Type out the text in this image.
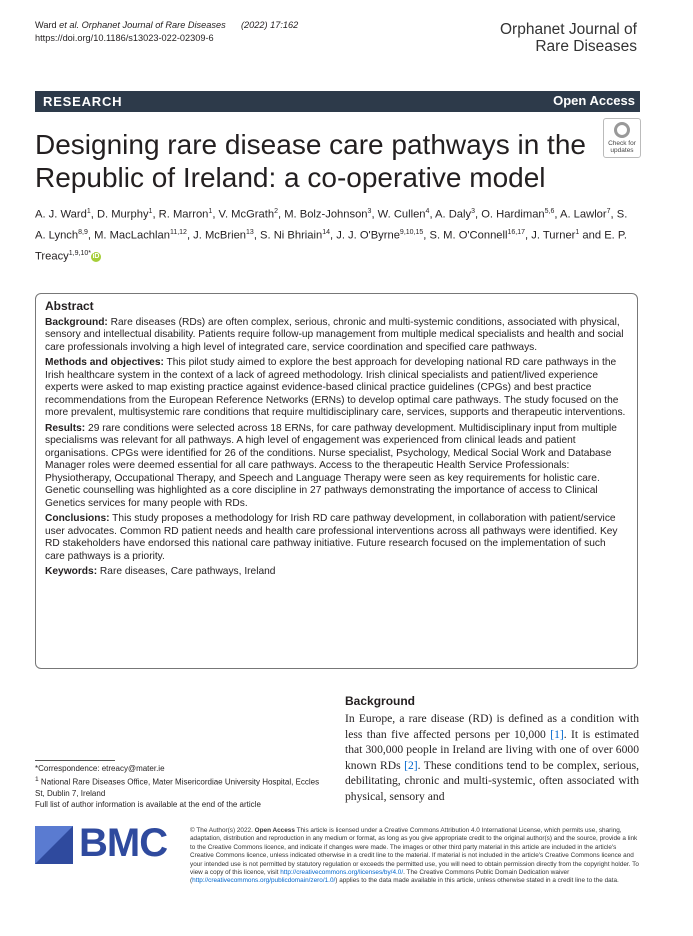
Ward et al. Orphanet Journal of Rare Diseases (2022) 17:162
https://doi.org/10.1186/s13023-022-02309-6	Orphanet Journal of
Rare Diseases
RESEARCH	Open Access
Designing rare disease care pathways in the Republic of Ireland: a co-operative model
Check for
updates
A. J. Ward$^1$, D. Murphy$^1$, R. Marron$^1$, V. McGrath$^2$, M. Bolz-Johnson$^3$, W. Cullen$^4$, A. Daly$^3$, O. Hardiman$^{5,6}$, A. Lawlor$^7$, S. A. Lynch$^{8,9}$, M. MacLachlan$^{11,12}$, J. McBrien$^{13}$, S. Ni Bhriain$^{14}$, J. J. O'Byrne$^{9,10,15}$, S. M. O'Connell$^{16,17}$, J. Turner$^1$ and E. P. Treacy$^{1,9,10*}$ iD
Abstract

Background: Rare diseases (RDs) are often complex, serious, chronic and multi-systemic conditions, associated with physical, sensory and intellectual disability. Patients require follow-up management from multiple medical specialists and health and social care professionals involving a high level of integrated care, service coordination and specified care pathways.

Methods and objectives: This pilot study aimed to explore the best approach for developing national RD care pathways in the Irish healthcare system in the context of a lack of agreed methodology. Irish clinical specialists and patient/lived experience experts were asked to map existing practice against evidence-based clinical practice guidelines (CPGs) and best practice recommendations from the European Reference Networks (ERNs) to develop optimal care pathways. The study focused on the more prevalent, multisystemic rare conditions that require multidisciplinary care, services, supports and therapeutic interventions.

Results: 29 rare conditions were selected across 18 ERNs, for care pathway development. Multidisciplinary input from multiple specialisms was relevant for all pathways. A high level of engagement was experienced from clinical leads and patient organisations. CPGs were identified for 26 of the conditions. Nurse specialist, Psychology, Medical Social Work and Database Manager roles were deemed essential for all care pathways. Access to the therapeutic Health Service Professionals: Physiotherapy, Occupational Therapy, and Speech and Language Therapy were seen as key requirements for holistic care. Genetic counselling was highlighted as a core discipline in 27 pathways demonstrating the importance of access to Clinical Genetics services for many people with RDs.

Conclusions: This study proposes a methodology for Irish RD care pathway development, in collaboration with patient/service user advocates. Common RD patient needs and health care professional interventions across all pathways were identified. Key RD stakeholders have endorsed this national care pathway initiative. Future research focused on the implementation of such care pathways is a priority.

Keywords: Rare diseases, Care pathways, Ireland

Background
In Europe, a rare disease (RD) is defined as a condition with less than five affected persons per 10,000 [1]. It is estimated that 300,000 people in Ireland are living with one of over 6000 known RDs [2]. These conditions tend to be complex, serious, debilitating, chronic and multi-systemic, often associated with physical, sensory and
*Correspondence: etreacy@mater.ie
$^1$ National Rare Diseases Office, Mater Misericordiae University Hospital, Eccles St, Dublin 7, Ireland
Full list of author information is available at the end of the article
BMC	© The Author(s) 2022. Open Access This article is licensed under a Creative Commons Attribution 4.0 International License, which permits use, sharing, adaptation, distribution and reproduction in any medium or format, as long as you give appropriate credit to the original author(s) and the source, provide a link to the Creative Commons licence, and indicate if changes were made. The images or other third party material in this article are included in the article's Creative Commons licence, unless indicated otherwise in a credit line to the material. If material is not included in the article's Creative Commons licence and your intended use is not permitted by statutory regulation or exceeds the permitted use, you will need to obtain permission directly from the copyright holder. To view a copy of this licence, visit http://creativecommons.org/licenses/by/4.0/. The Creative Commons Public Domain Dedication waiver (http://creativecommons.org/publicdomain/zero/1.0/) applies to the data made available in this article, unless otherwise stated in a credit line to the data.
